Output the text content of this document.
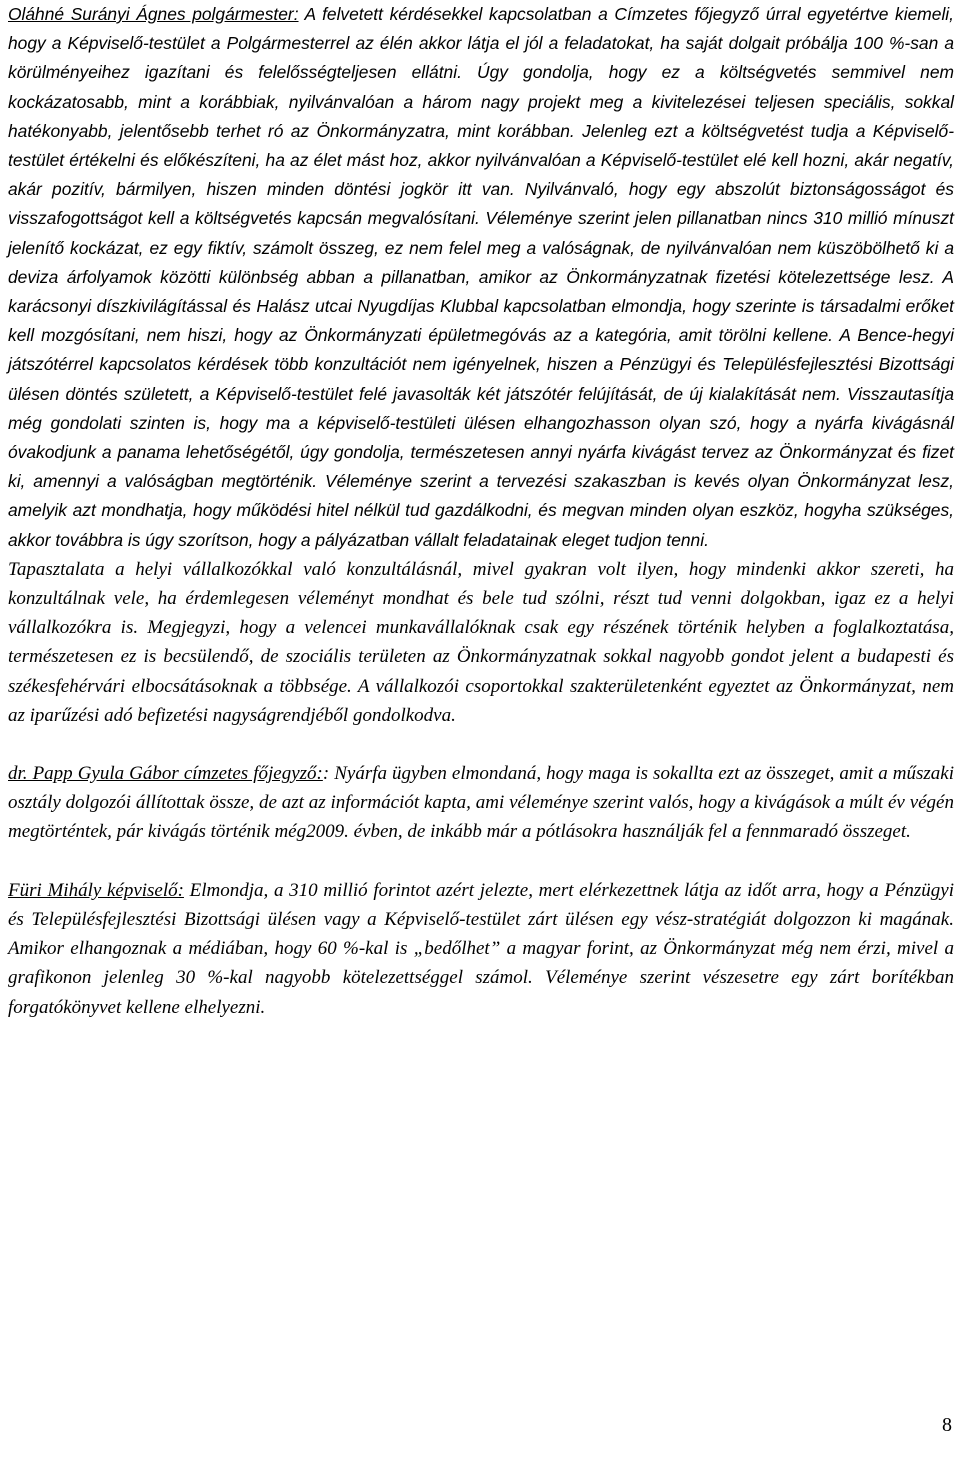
Oláhné Surányi Ágnes polgármester: A felvetett kérdésekkel kapcsolatban a Címzetes főjegyző úrral egyetértve kiemeli, hogy a Képviselő-testület a Polgármesterrel az élén akkor látja el jól a feladatokat, ha saját dolgait próbálja 100 %-san a körülményeihez igazítani és felelősségteljesen ellátni. Úgy gondolja, hogy ez a költségvetés semmivel nem kockázatosabb, mint a korábbiak, nyilvánvalóan a három nagy projekt meg a kivitelezései teljesen speciális, sokkal hatékonyabb, jelentősebb terhet ró az Önkormányzatra, mint korábban. Jelenleg ezt a költségvetést tudja a Képviselő-testület értékelni és előkészíteni, ha az élet mást hoz, akkor nyilvánvalóan a Képviselő-testület elé kell hozni, akár negatív, akár pozitív, bármilyen, hiszen minden döntési jogkör itt van. Nyilvánvaló, hogy egy abszolút biztonságosságot és visszafogottságot kell a költségvetés kapcsán megvalósítani. Véleménye szerint jelen pillanatban nincs 310 millió mínuszt jelenítő kockázat, ez egy fiktív, számolt összeg, ez nem felel meg a valóságnak, de nyilvánvalóan nem küszöbölhető ki a deviza árfolyamok közötti különbség abban a pillanatban, amikor az Önkormányzatnak fizetési kötelezettsége lesz. A karácsonyi díszkivilágítással és Halász utcai Nyugdíjas Klubbal kapcsolatban elmondja, hogy szerinte is társadalmi erőket kell mozgósítani, nem hiszi, hogy az Önkormányzati épületmegóvás az a kategória, amit törölni kellene. A Bence-hegyi játszótérrel kapcsolatos kérdések több konzultációt nem igényelnek, hiszen a Pénzügyi és Településfejlesztési Bizottsági ülésen döntés született, a Képviselő-testület felé javasolták két játszótér felújítását, de új kialakítását nem. Visszautasítja még gondolati szinten is, hogy ma a képviselő-testületi ülésen elhangozhasson olyan szó, hogy a nyárfa kivágásnál óvakodjunk a panama lehetőségétől, úgy gondolja, természetesen annyi nyárfa kivágást tervez az Önkormányzat és fizet ki, amennyi a valóságban megtörténik. Véleménye szerint a tervezési szakaszban is kevés olyan Önkormányzat lesz, amelyik azt mondhatja, hogy működési hitel nélkül tud gazdálkodni, és megvan minden olyan eszköz, hogyha szükséges, akkor továbbra is úgy szorítson, hogy a pályázatban vállalt feladatainak eleget tudjon tenni.

Tapasztalata a helyi vállalkozókkal való konzultálásnál, mivel gyakran volt ilyen, hogy mindenki akkor szereti, ha konzultálnak vele, ha érdemlegesen véleményt mondhat és bele tud szólni, részt tud venni dolgokban, igaz ez a helyi vállalkozókra is. Megjegyzi, hogy a velencei munkavállalóknak csak egy részének történik helyben a foglalkoztatása, természetesen ez is becsülendő, de szociális területen az Önkormányzatnak sokkal nagyobb gondot jelent a budapesti és székesfehérvári elbocsátásoknak a többsége. A vállalkozói csoportokkal szakterületenként egyeztet az Önkormányzat, nem az iparűzési adó befizetési nagyságrendjéből gondolkodva.

dr. Papp Gyula Gábor címzetes főjegyző:: Nyárfa ügyben elmondaná, hogy maga is sokallta ezt az összeget, amit a műszaki osztály dolgozói állítottak össze, de azt az információt kapta, ami véleménye szerint valós, hogy a kivágások a múlt év végén megtörténtek, pár kivágás történik még2009. évben, de inkább már a pótlásokra használják fel a fennmaradó összeget.

Füri Mihály képviselő: Elmondja, a 310 millió forintot azért jelezte, mert elérkezettnek látja az időt arra, hogy a Pénzügyi és Településfejlesztési Bizottsági ülésen vagy a Képviselő-testület zárt ülésen egy vész-stratégiát dolgozzon ki magának. Amikor elhangoznak a médiában, hogy 60 %-kal is „bedőlhet” a magyar forint, az Önkormányzat még nem érzi, mivel a grafikonon jelenleg 30 %-kal nagyobb kötelezettséggel számol. Véleménye szerint vészesetre egy zárt borítékban forgatókönyvet kellene elhelyezni.

8
